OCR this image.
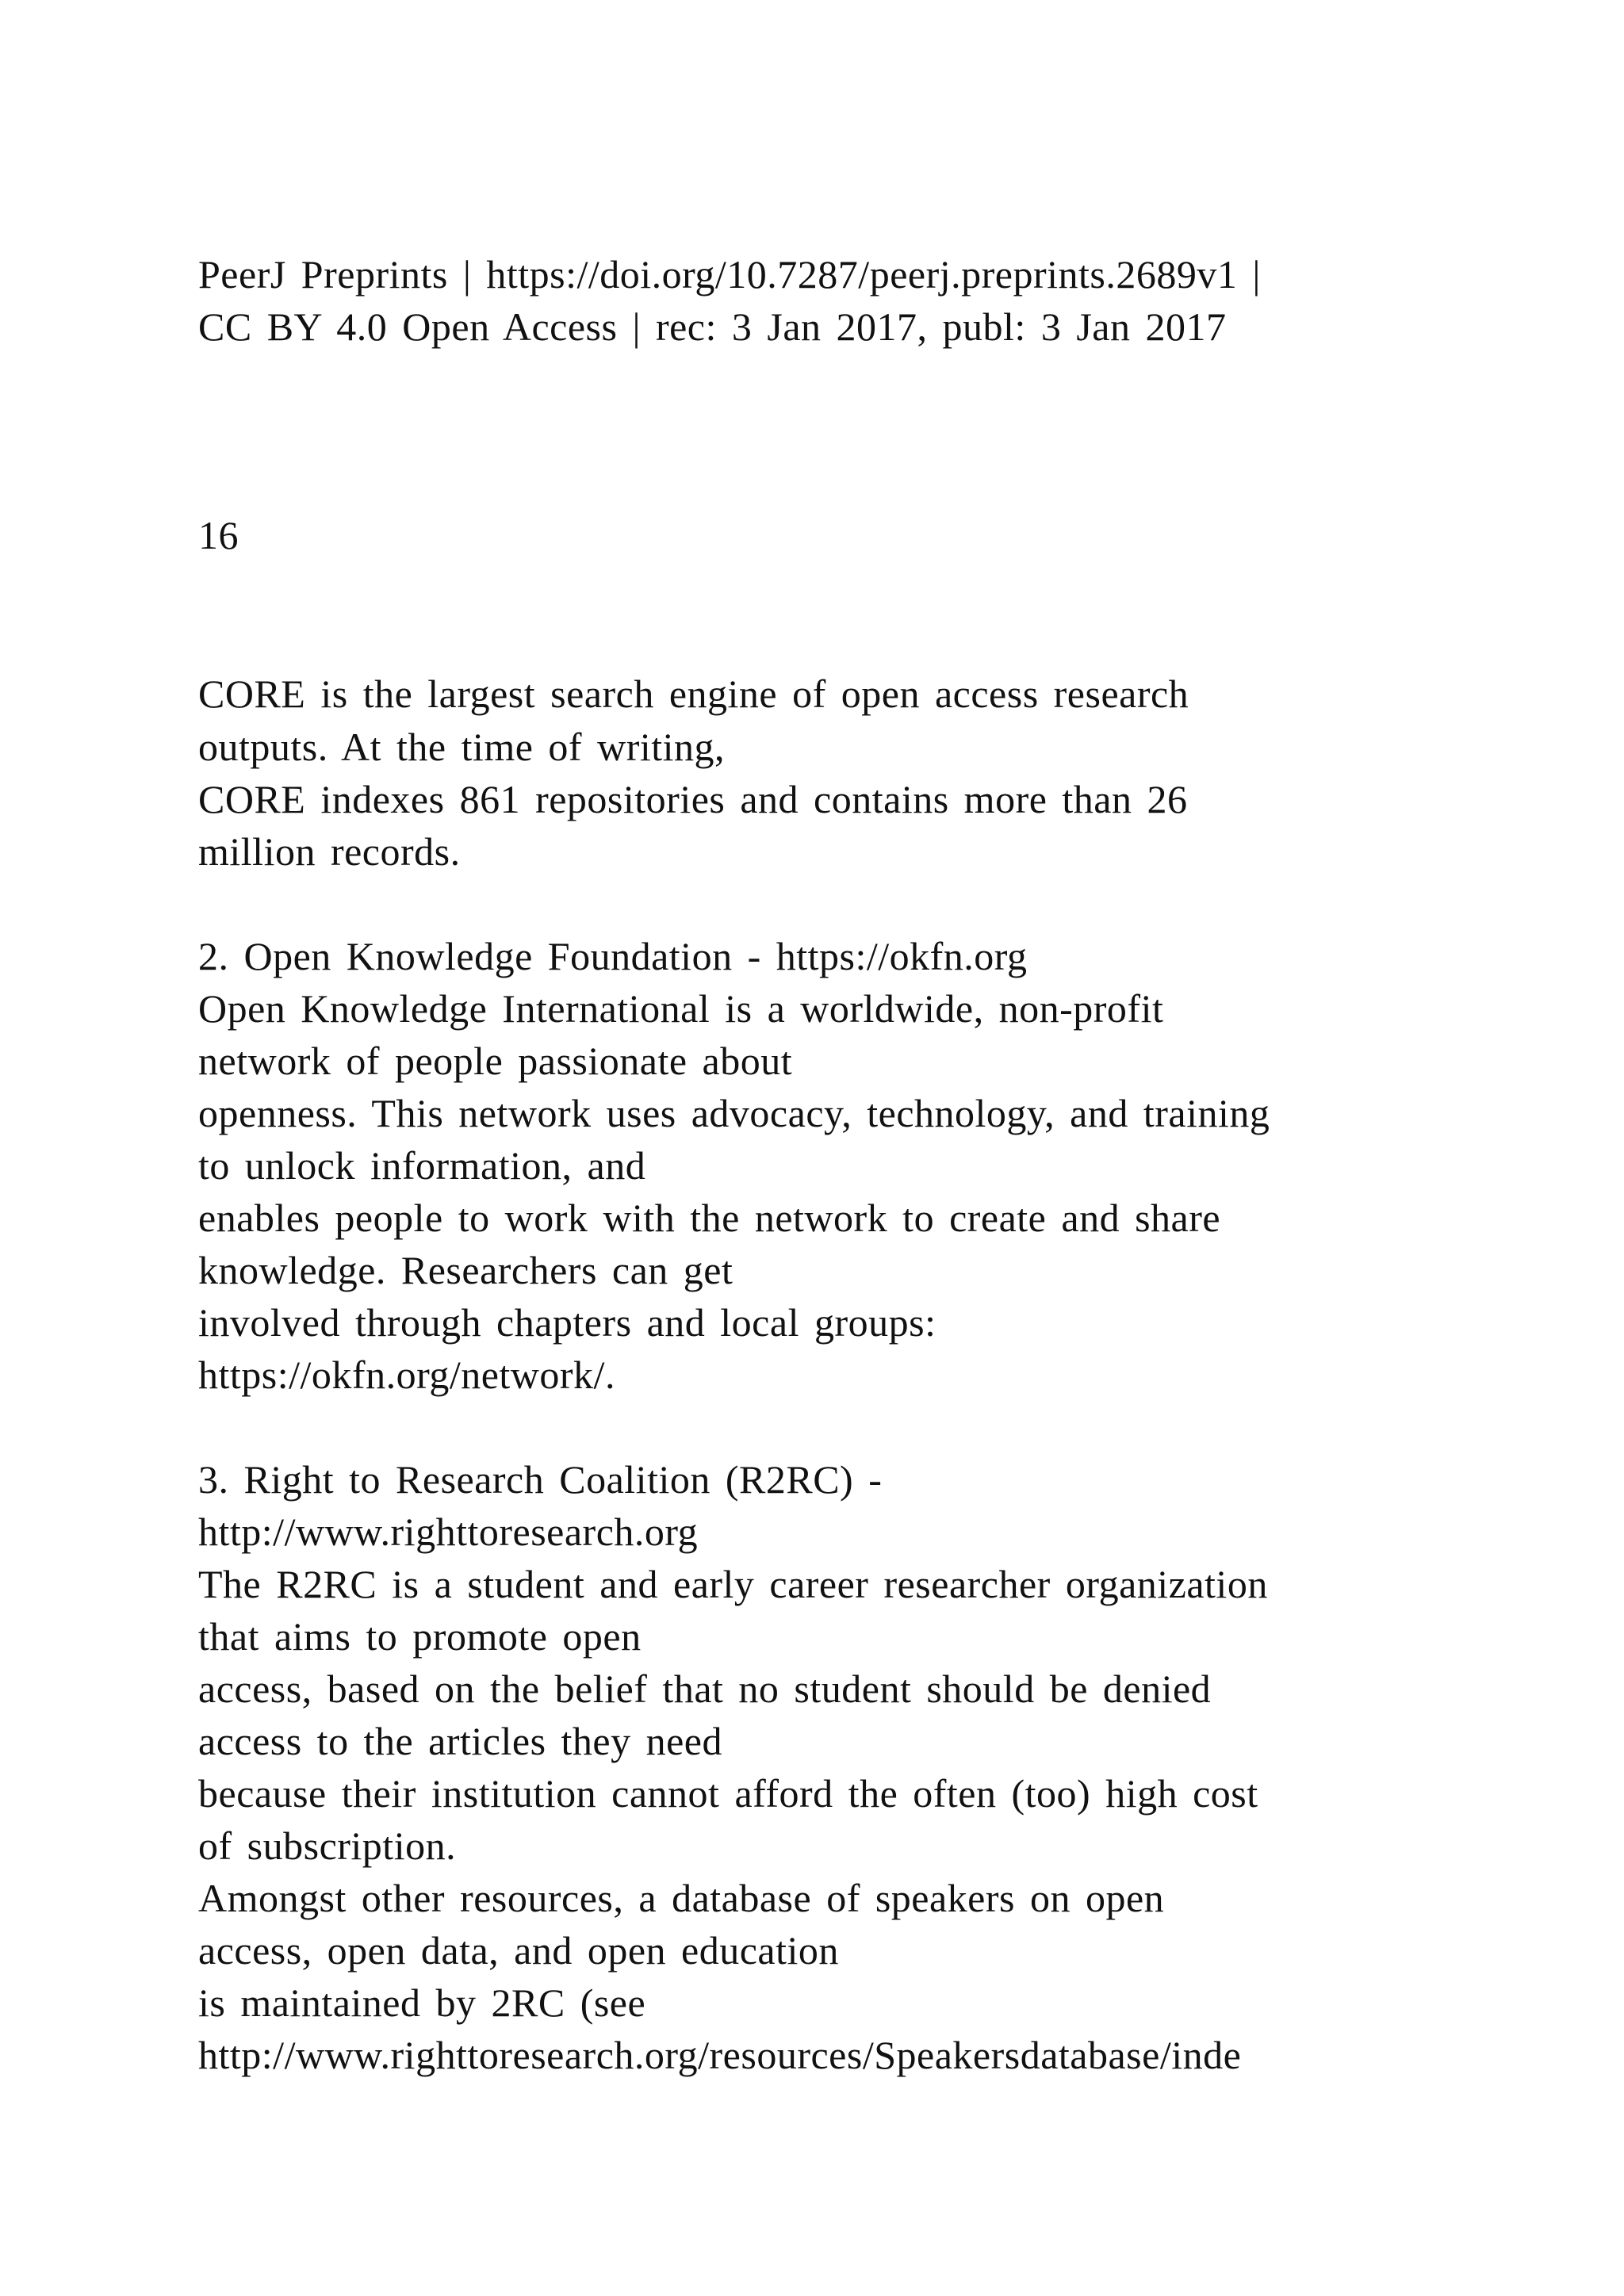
PeerJ Preprints | https://doi.org/10.7287/peerj.preprints.2689v1 |

CC BY 4.0 Open Access | rec: 3 Jan 2017, publ: 3 Jan 2017

16

CORE is the largest search engine of open access research

outputs. At the time of writing,

CORE indexes 861 repositories and contains more than 26

million records.

2. Open Knowledge Foundation - https://okfn.org

Open Knowledge International is a worldwide, non-profit

network of people passionate about

openness. This network uses advocacy, technology, and training

to unlock information, and

enables people to work with the network to create and share

knowledge. Researchers can get

involved through chapters and local groups:

https://okfn.org/network/.

3. Right to Research Coalition (R2RC) -

http://www.righttoresearch.org

The R2RC is a student and early career researcher organization

that aims to promote open

access, based on the belief that no student should be denied

access to the articles they need

because their institution cannot afford the often (too) high cost

of subscription.

Amongst other resources, a database of speakers on open

access, open data, and open education

is maintained by 2RC (see

http://www.righttoresearch.org/resources/Speakersdatabase/inde
